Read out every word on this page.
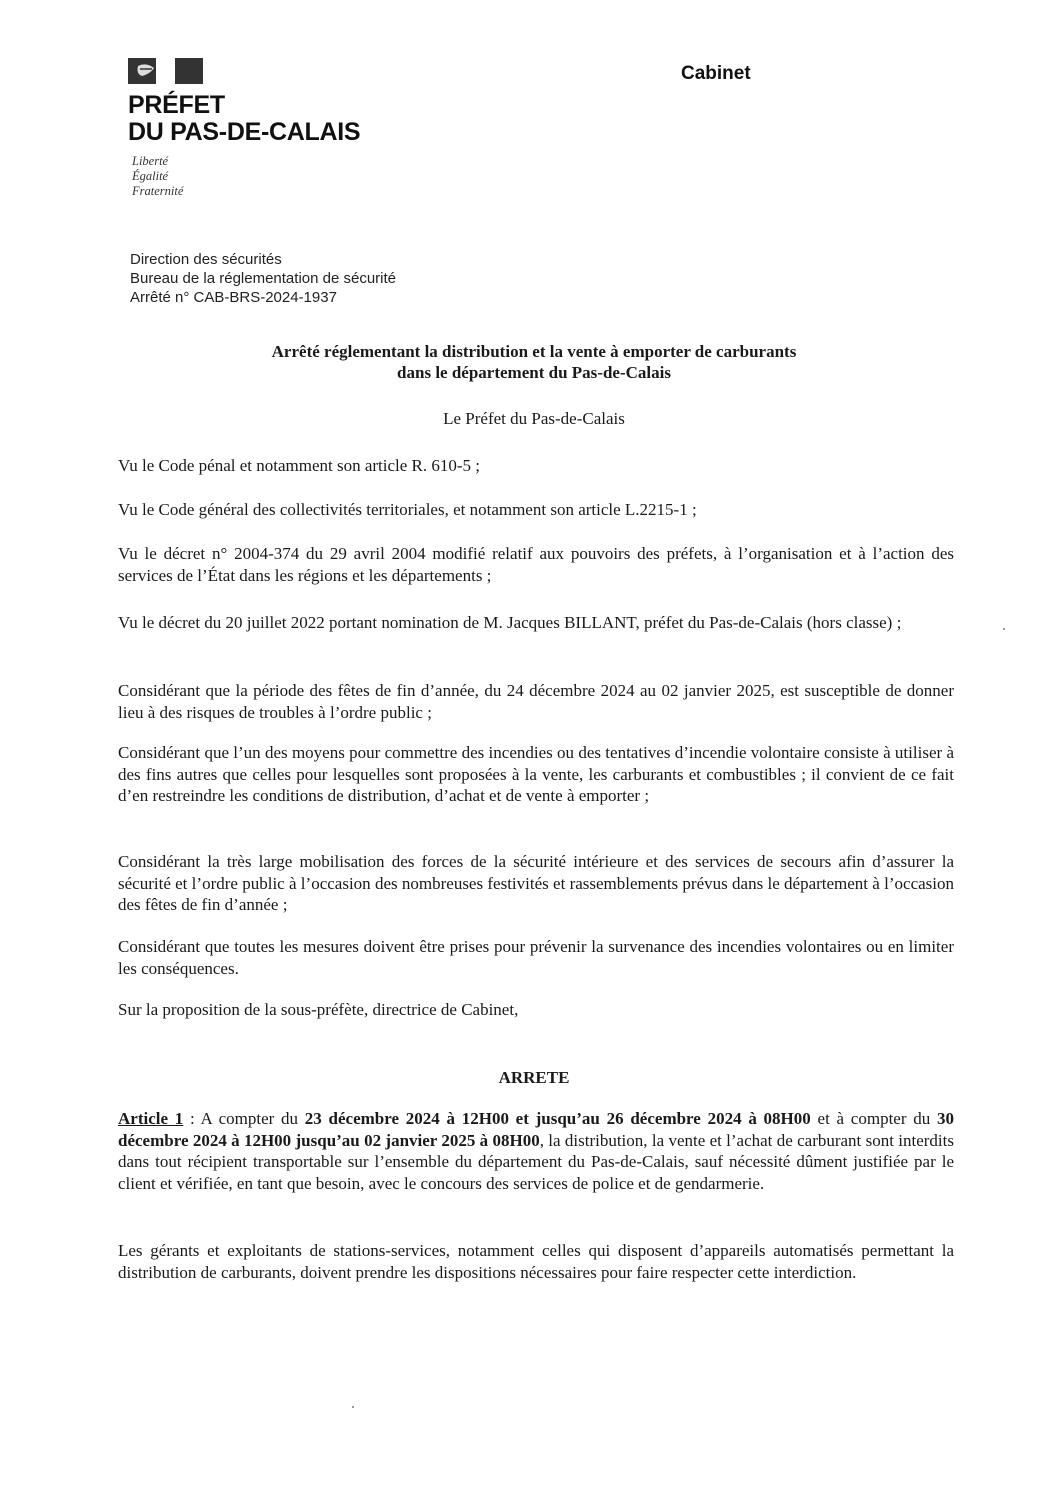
PRÉFET
DU PAS-DE-CALAIS
Liberté
Égalité
Fraternité
Cabinet
Direction des sécurités
Bureau de la réglementation de sécurité
Arrêté n° CAB-BRS-2024-1937
Arrêté réglementant la distribution et la vente à emporter de carburants
dans le département du Pas-de-Calais
Le Préfet du Pas-de-Calais

Vu le Code pénal et notamment son article R. 610-5 ;

Vu le Code général des collectivités territoriales, et notamment son article L.2215-1 ;

Vu le décret n° 2004-374 du 29 avril 2004 modifié relatif aux pouvoirs des préfets, à l’organisation et à l’action des services de l’État dans les régions et les départements ;

Vu le décret du 20 juillet 2022 portant nomination de M. Jacques BILLANT, préfet du Pas-de-Calais (hors classe) ;

Considérant que la période des fêtes de fin d’année, du 24 décembre 2024 au 02 janvier 2025, est susceptible de donner lieu à des risques de troubles à l’ordre public ;

Considérant que l’un des moyens pour commettre des incendies ou des tentatives d’incendie volontaire consiste à utiliser à des fins autres que celles pour lesquelles sont proposées à la vente, les carburants et combustibles ; il convient de ce fait d’en restreindre les conditions de distribution, d’achat et de vente à emporter ;

Considérant la très large mobilisation des forces de la sécurité intérieure et des services de secours afin d’assurer la sécurité et l’ordre public à l’occasion des nombreuses festivités et rassemblements prévus dans le département à l’occasion des fêtes de fin d’année ;

Considérant que toutes les mesures doivent être prises pour prévenir la survenance des incendies volontaires ou en limiter les conséquences.

Sur la proposition de la sous-préfète, directrice de Cabinet,

ARRETE

Article 1 : A compter du 23 décembre 2024 à 12H00 et jusqu’au 26 décembre 2024 à 08H00 et à compter du 30 décembre 2024 à 12H00 jusqu’au 02 janvier 2025 à 08H00, la distribution, la vente et l’achat de carburant sont interdits dans tout récipient transportable sur l’ensemble du département du Pas-de-Calais, sauf nécessité dûment justifiée par le client et vérifiée, en tant que besoin, avec le concours des services de police et de gendarmerie.

Les gérants et exploitants de stations-services, notamment celles qui disposent d’appareils automatisés permettant la distribution de carburants, doivent prendre les dispositions nécessaires pour faire respecter cette interdiction.
